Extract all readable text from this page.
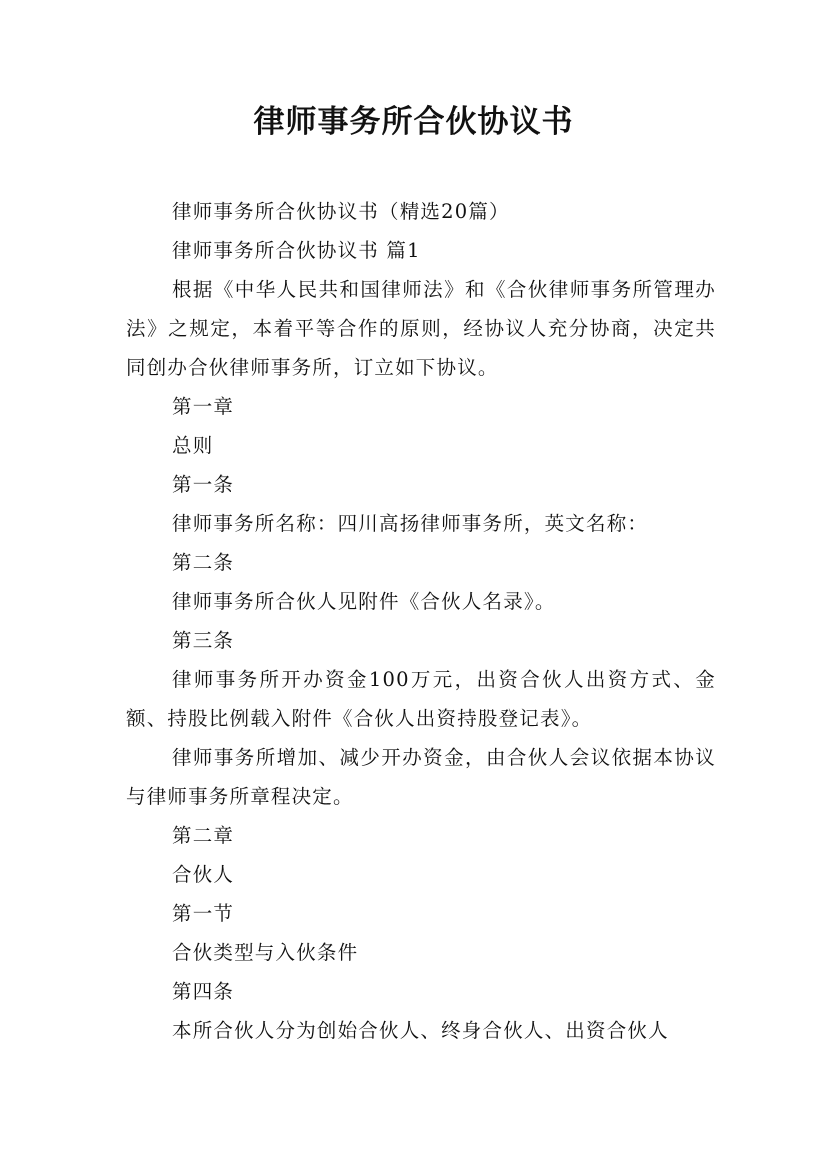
律师事务所合伙协议书

律师事务所合伙协议书（精选20篇）

律师事务所合伙协议书 篇1

根据《中华人民共和国律师法》和《合伙律师事务所管理办法》之规定，本着平等合作的原则，经协议人充分协商，决定共同创办合伙律师事务所，订立如下协议。

第一章

总则

第一条

律师事务所名称：四川高扬律师事务所，英文名称：

第二条

律师事务所合伙人见附件《合伙人名录》。

第三条

律师事务所开办资金100万元，出资合伙人出资方式、金额、持股比例载入附件《合伙人出资持股登记表》。

律师事务所增加、减少开办资金，由合伙人会议依据本协议与律师事务所章程决定。

第二章

合伙人

第一节

合伙类型与入伙条件

第四条

本所合伙人分为创始合伙人、终身合伙人、出资合伙人
